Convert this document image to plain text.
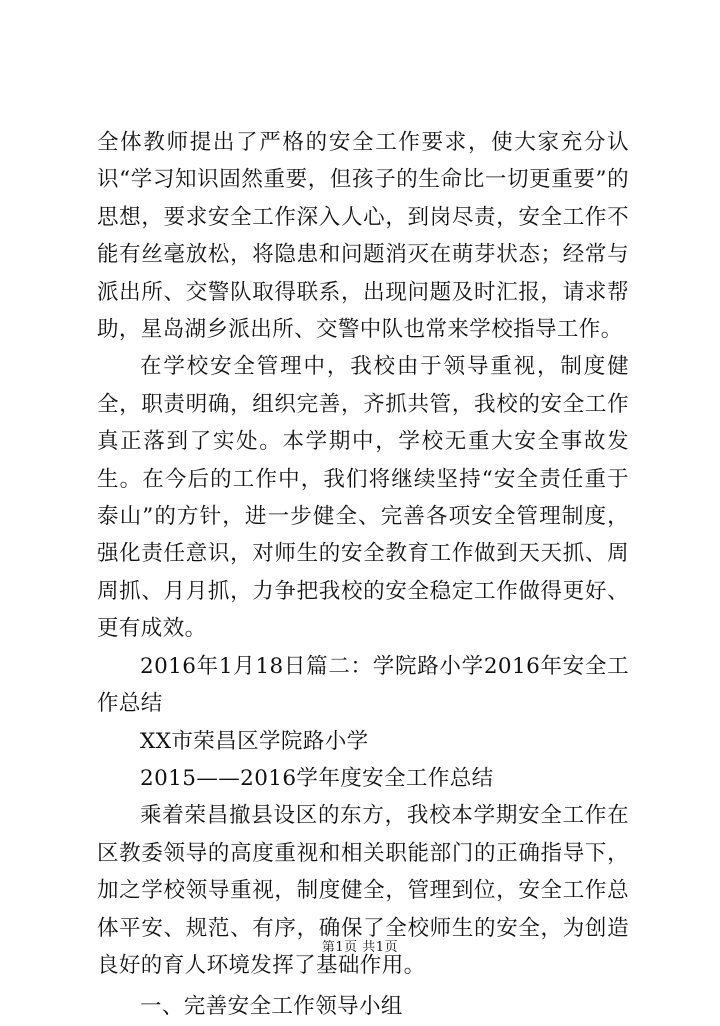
全体教师提出了严格的安全工作要求，使大家充分认识“学习知识固然重要，但孩子的生命比一切更重要”的思想，要求安全工作深入人心，到岗尽责，安全工作不能有丝毫放松，将隐患和问题消灭在萌芽状态；经常与派出所、交警队取得联系，出现问题及时汇报，请求帮助，星岛湖乡派出所、交警中队也常来学校指导工作。

在学校安全管理中，我校由于领导重视，制度健全，职责明确，组织完善，齐抓共管，我校的安全工作真正落到了实处。本学期中，学校无重大安全事故发生。在今后的工作中，我们将继续坚持“安全责任重于泰山”的方针，进一步健全、完善各项安全管理制度，强化责任意识，对师生的安全教育工作做到天天抓、周周抓、月月抓，力争把我校的安全稳定工作做得更好、更有成效。

2016年1月18日篇二：学院路小学2016年安全工作总结

XX市荣昌区学院路小学

2015——2016学年度安全工作总结

乘着荣昌撤县设区的东方，我校本学期安全工作在区教委领导的高度重视和相关职能部门的正确指导下，加之学校领导重视，制度健全，管理到位，安全工作总体平安、规范、有序，确保了全校师生的安全，为创造良好的育人环境发挥了基础作用。

一、完善安全工作领导小组

第1页 共1页
